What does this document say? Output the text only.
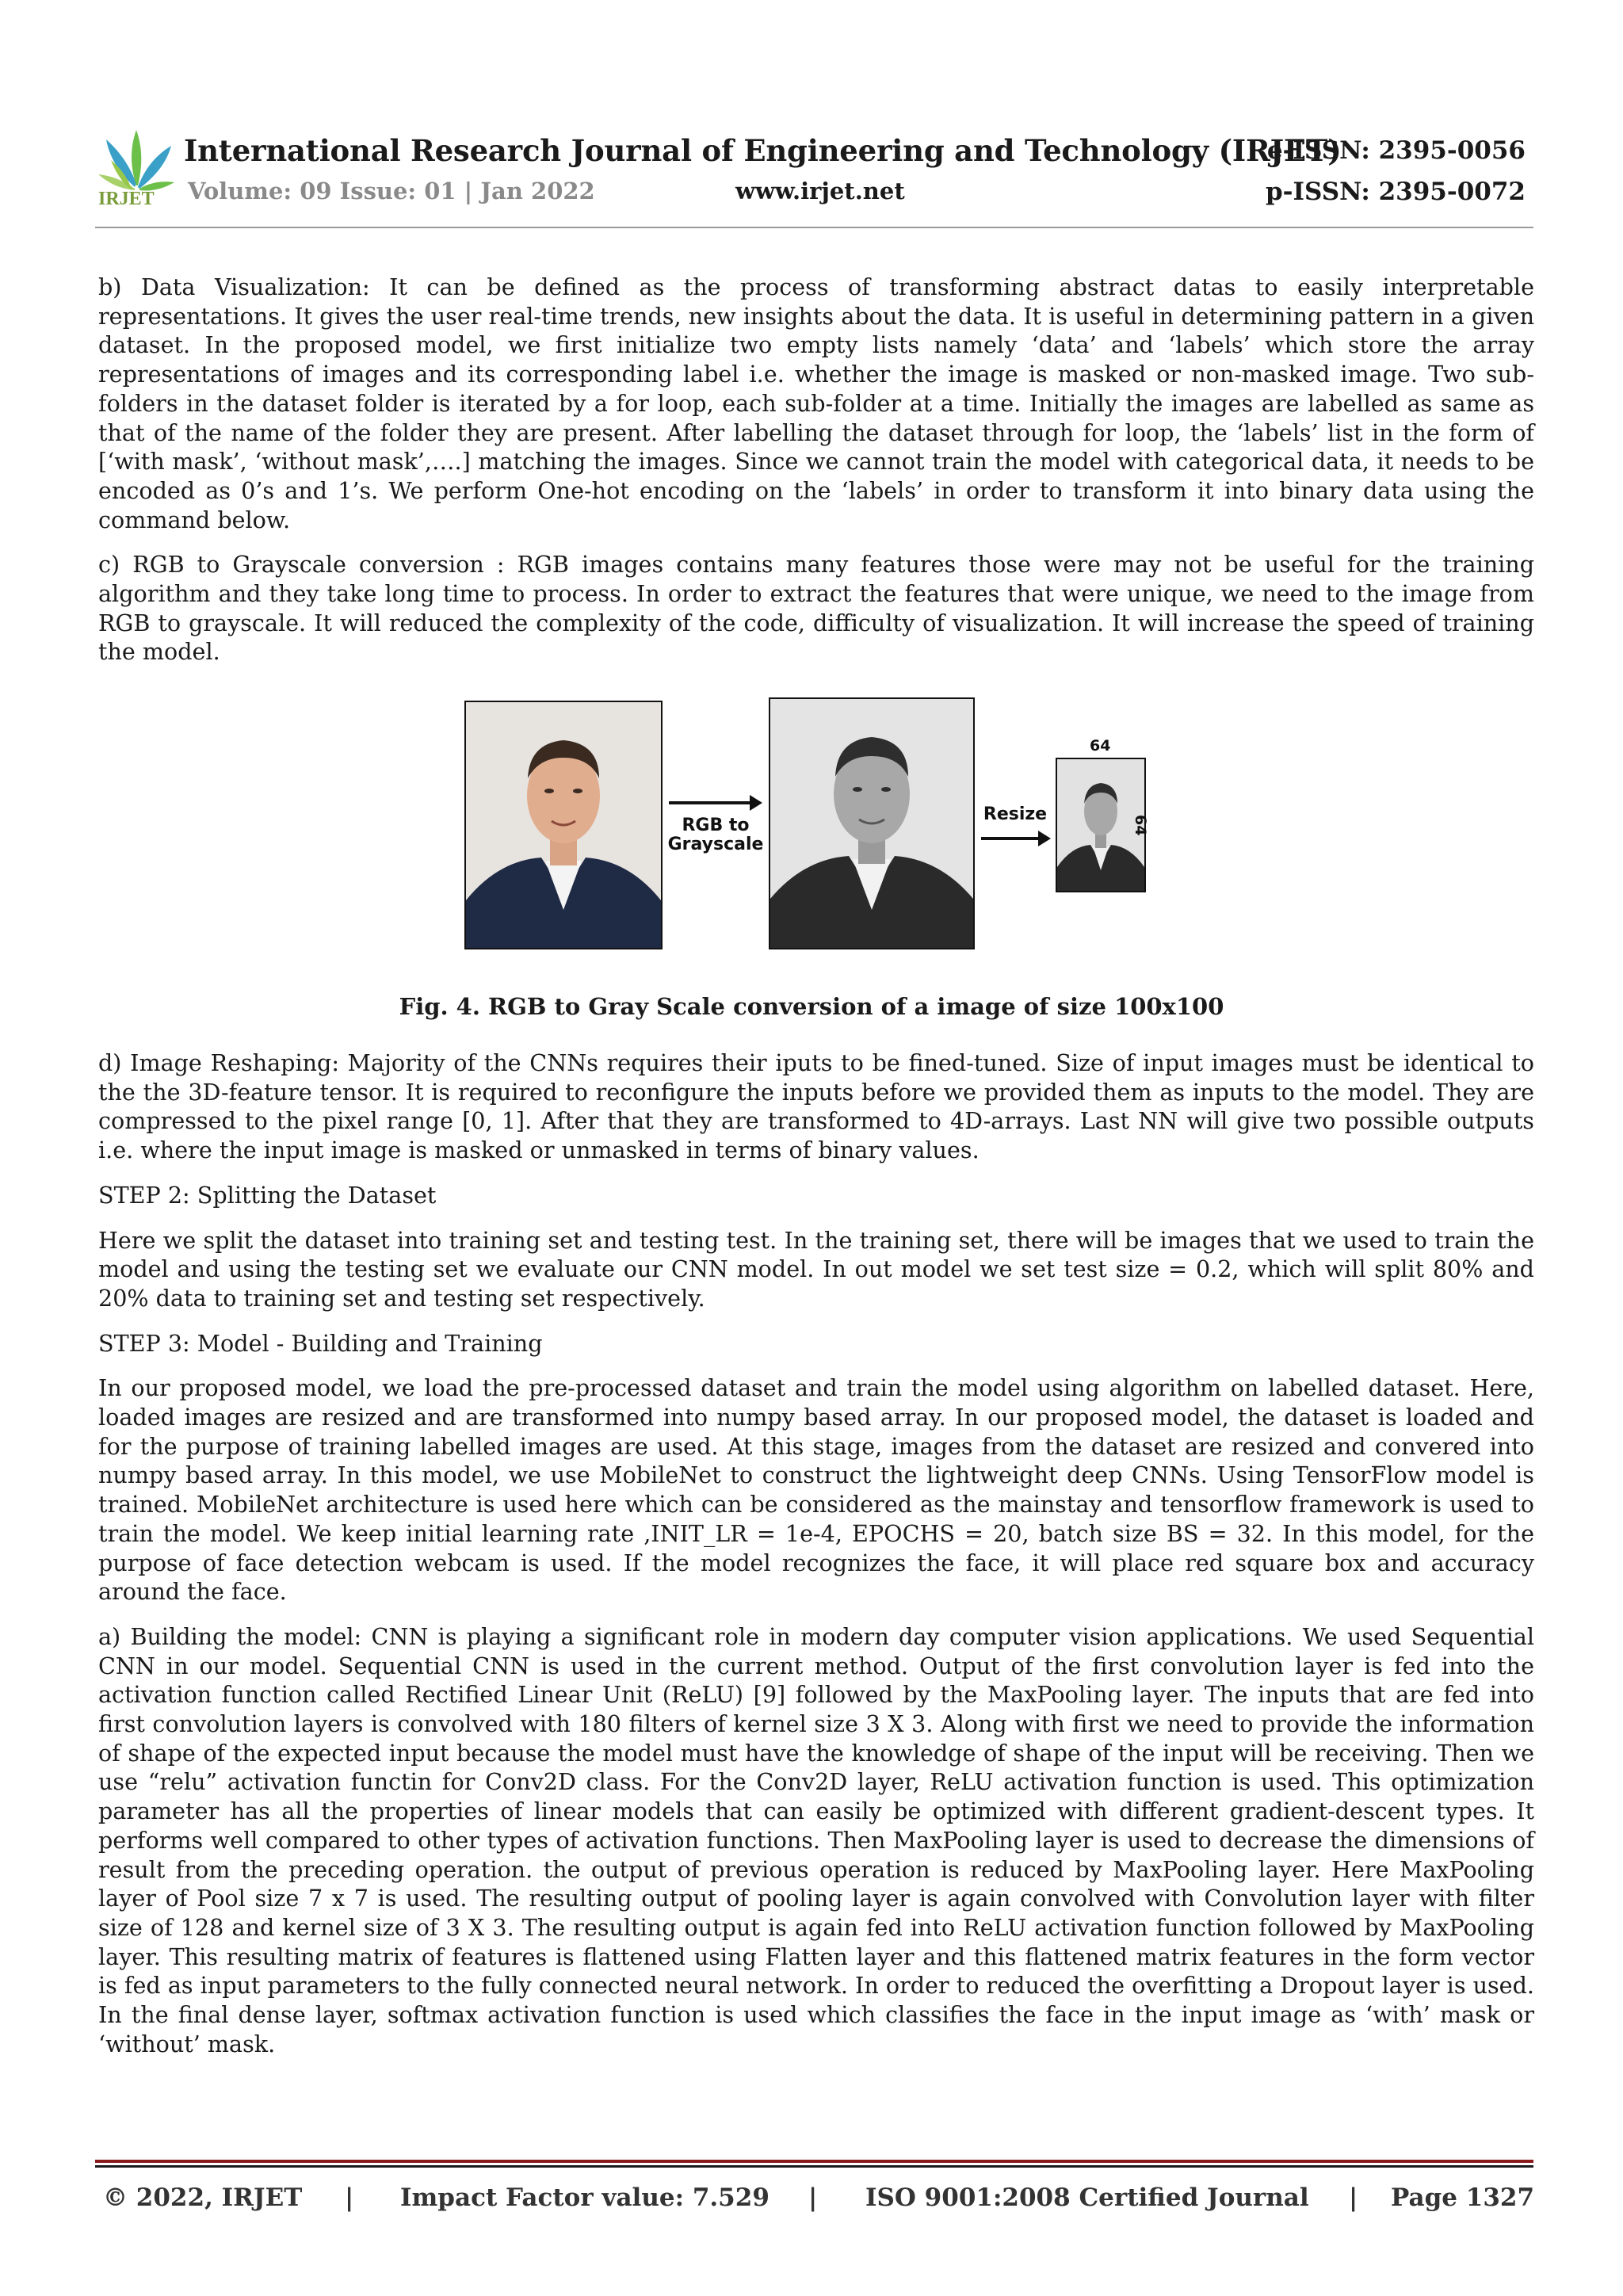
IRJET
International Research Journal of Engineering and Technology (IRJET)
Volume: 09 Issue: 01 | Jan 2022	www.irjet.net
e-ISSN: 2395-0056
p-ISSN: 2395-0072

b) Data Visualization: It can be defined as the process of transforming abstract datas to easily interpretable representations. It gives the user real-time trends, new insights about the data. It is useful in determining pattern in a given dataset. In the proposed model, we first initialize two empty lists namely ‘data’ and ‘labels’ which store the array representations of images and its corresponding label i.e. whether the image is masked or non-masked image. Two sub-folders in the dataset folder is iterated by a for loop, each sub-folder at a time. Initially the images are labelled as same as that of the name of the folder they are present. After labelling the dataset through for loop, the ‘labels’ list in the form of [‘with mask’, ‘without mask’,….] matching the images. Since we cannot train the model with categorical data, it needs to be encoded as 0’s and 1’s. We perform One-hot encoding on the ‘labels’ in order to transform it into binary data using the command below.

c) RGB to Grayscale conversion : RGB images contains many features those were may not be useful for the training algorithm and they take long time to process. In order to extract the features that were unique, we need to the image from RGB to grayscale. It will reduced the complexity of the code, difficulty of visualization. It will increase the speed of training the model.

RGB to
Grayscale
Resize
64
64
Fig. 4. RGB to Gray Scale conversion of a image of size 100x100

d) Image Reshaping: Majority of the CNNs requires their iputs to be fined-tuned. Size of input images must be identical to the the 3D-feature tensor. It is required to reconfigure the inputs before we provided them as inputs to the model. They are compressed to the pixel range [0, 1]. After that they are transformed to 4D-arrays. Last NN will give two possible outputs i.e. where the input image is masked or unmasked in terms of binary values.

STEP 2: Splitting the Dataset

Here we split the dataset into training set and testing test. In the training set, there will be images that we used to train the model and using the testing set we evaluate our CNN model. In out model we set test size = 0.2, which will split 80% and 20% data to training set and testing set respectively.

STEP 3: Model - Building and Training

In our proposed model, we load the pre-processed dataset and train the model using algorithm on labelled dataset. Here, loaded images are resized and are transformed into numpy based array. In our proposed model, the dataset is loaded and for the purpose of training labelled images are used. At this stage, images from the dataset are resized and convered into numpy based array. In this model, we use MobileNet to construct the lightweight deep CNNs. Using TensorFlow model is trained. MobileNet architecture is used here which can be considered as the mainstay and tensorflow framework is used to train the model. We keep initial learning rate ,INIT_LR = 1e-4, EPOCHS = 20, batch size BS = 32. In this model, for the purpose of face detection webcam is used. If the model recognizes the face, it will place red square box and accuracy around the face.

a) Building the model: CNN is playing a significant role in modern day computer vision applications. We used Sequential CNN in our model. Sequential CNN is used in the current method. Output of the first convolution layer is fed into the activation function called Rectified Linear Unit (ReLU) [9] followed by the MaxPooling layer. The inputs that are fed into first convolution layers is convolved with 180 filters of kernel size 3 X 3. Along with first we need to provide the information of shape of the expected input because the model must have the knowledge of shape of the input will be receiving. Then we use “relu” activation functin for Conv2D class. For the Conv2D layer, ReLU activation function is used. This optimization parameter has all the properties of linear models that can easily be optimized with different gradient-descent types. It performs well compared to other types of activation functions. Then MaxPooling layer is used to decrease the dimensions of result from the preceding operation. the output of previous operation is reduced by MaxPooling layer. Here MaxPooling layer of Pool size 7 x 7 is used. The resulting output of pooling layer is again convolved with Convolution layer with filter size of 128 and kernel size of 3 X 3. The resulting output is again fed into ReLU activation function followed by MaxPooling layer. This resulting matrix of features is flattened using Flatten layer and this flattened matrix features in the form vector is fed as input parameters to the fully connected neural network. In order to reduced the overfitting a Dropout layer is used. In the final dense layer, softmax activation function is used which classifies the face in the input image as ‘with’ mask or ‘without’ mask.

© 2022, IRJET | Impact Factor value: 7.529 | ISO 9001:2008 Certified Journal | Page 1327
